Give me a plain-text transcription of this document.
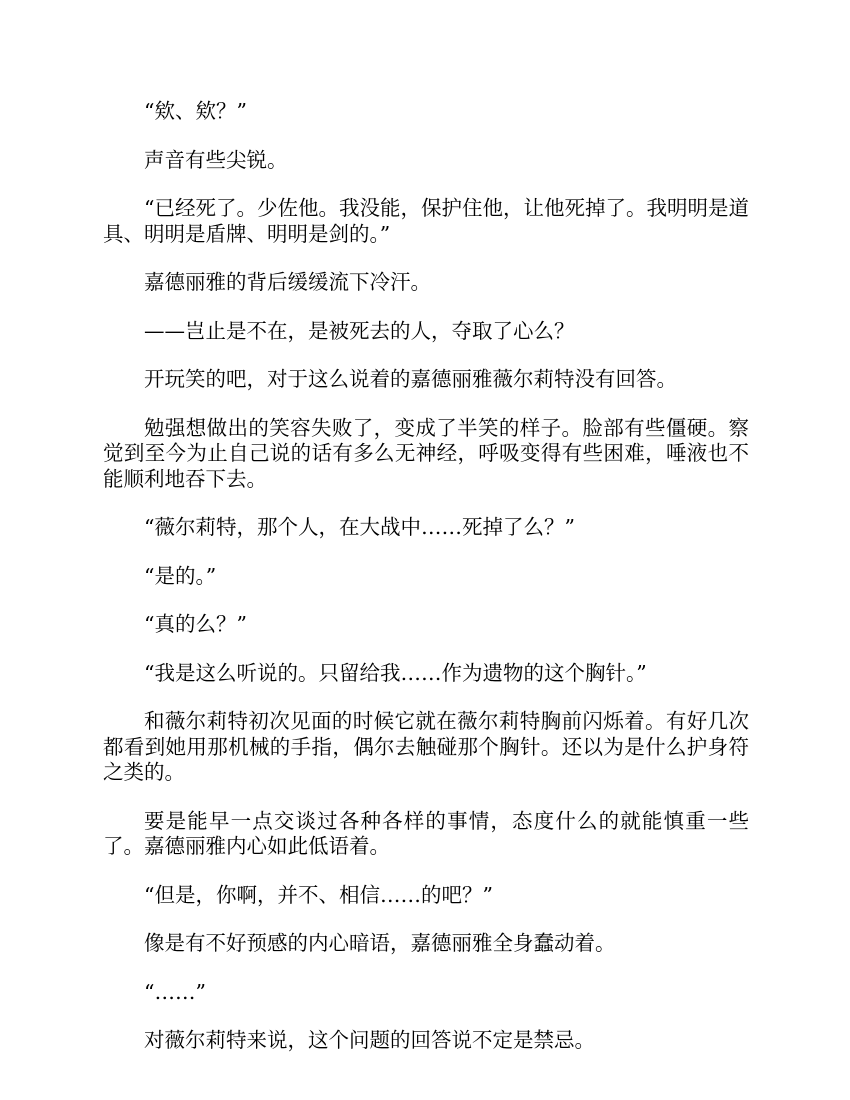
“欸、欸？”

声音有些尖锐。

“已经死了。少佐他。我没能，保护住他，让他死掉了。我明明是道具、明明是盾牌、明明是剑的。”

嘉德丽雅的背后缓缓流下冷汗。

——岂止是不在，是被死去的人，夺取了心么？

开玩笑的吧，对于这么说着的嘉德丽雅薇尔莉特没有回答。

勉强想做出的笑容失败了，变成了半笑的样子。脸部有些僵硬。察觉到至今为止自己说的话有多么无神经，呼吸变得有些困难，唾液也不能顺利地吞下去。

“薇尔莉特，那个人，在大战中……死掉了么？”

“是的。”

“真的么？”

“我是这么听说的。只留给我……作为遗物的这个胸针。”

和薇尔莉特初次见面的时候它就在薇尔莉特胸前闪烁着。有好几次都看到她用那机械的手指，偶尔去触碰那个胸针。还以为是什么护身符之类的。

要是能早一点交谈过各种各样的事情，态度什么的就能慎重一些了。嘉德丽雅内心如此低语着。

“但是，你啊，并不、相信……的吧？”

像是有不好预感的内心暗语，嘉德丽雅全身蠢动着。

“……”

对薇尔莉特来说，这个问题的回答说不定是禁忌。
